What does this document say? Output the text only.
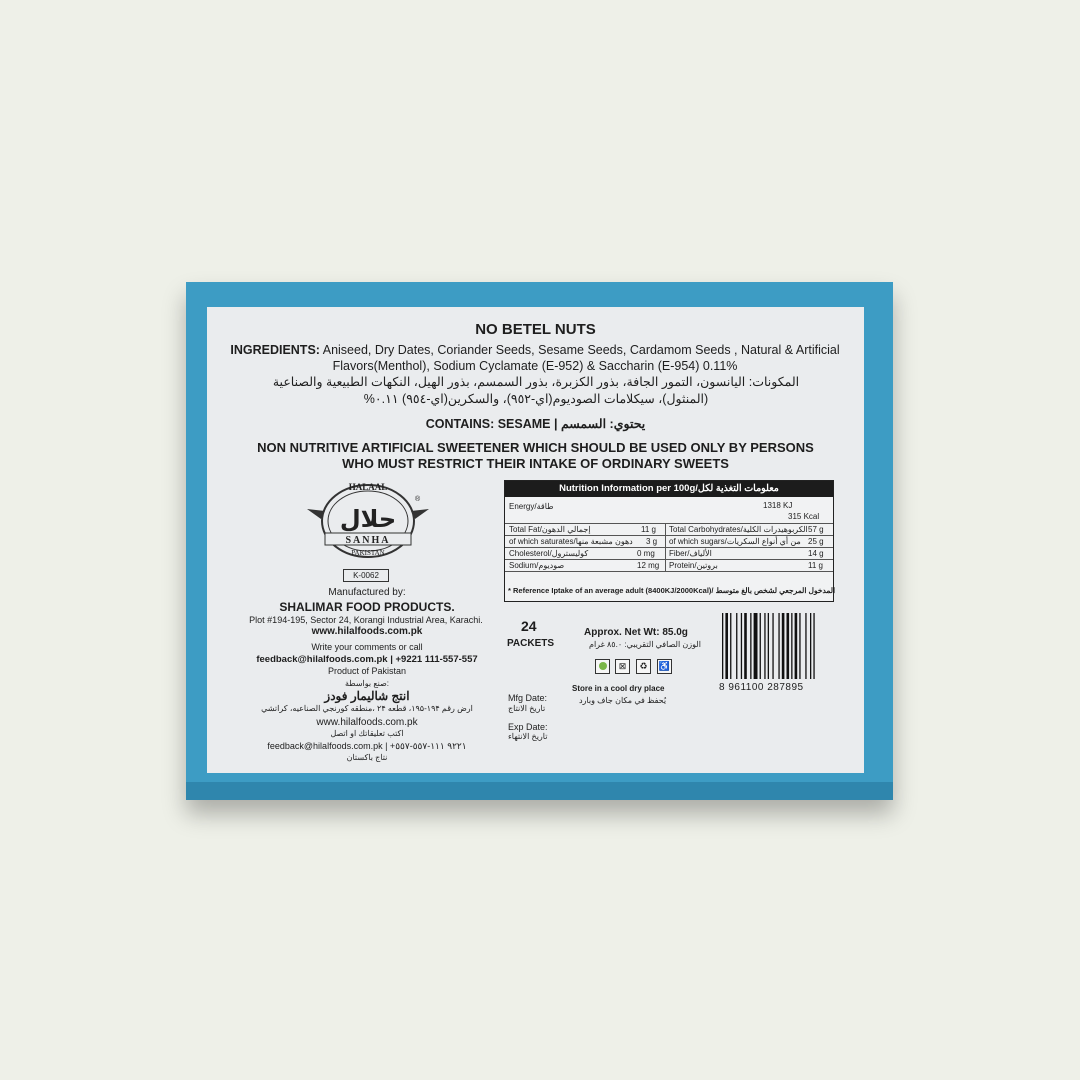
NO BETEL NUTS
INGREDIENTS: Aniseed, Dry Dates, Coriander Seeds, Sesame Seeds, Cardamom Seeds , Natural & Artificial Flavors(Menthol), Sodium Cyclamate (E-952) & Saccharin (E-954) 0.11%
المكونات: اليانسون، التمور الجافة، بذور الكزبرة، بذور السمسم، بذور الهيل، النكهات الطبيعية والصناعية (المنثول)، سيكلامات الصوديوم(اي-٩٥٢)، والسكرين(اي-٩٥٤) ٠.١١%
CONTAINS: SESAME | يحتوي: السمسم
NON NUTRITIVE ARTIFICIAL SWEETENER WHICH SHOULD BE USED ONLY BY PERSONS WHO MUST RESTRICT THEIR INTAKE OF ORDINARY SWEETS
HALAAL
حلال
SANHA
PAKISTAN
®
K-0062
Manufactured by:
SHALIMAR FOOD PRODUCTS.
Plot #194-195, Sector 24, Korangi Industrial Area, Karachi.
www.hilalfoods.com.pk
Write your comments or call
feedback@hilalfoods.com.pk | +9221 111-557-557
Product of Pakistan
صنع بواسطة:
انتج شالیمار فودز
ارض رقم ۱۹۴-۱۹۵، قطعه ۲۴ ،منطقه كورنجي الصناعيه، كراتشي
www.hilalfoods.com.pk
اكتب تعليقاتك او اتصل
feedback@hilalfoods.com.pk | +٩٢٢١ ١١١-٥٥٧-٥٥٧
نتاج باكستان
Nutrition Information per 100g/معلومات التغذية لكل
Energy/طاقة	1318 KJ
315 Kcal
Total Fat/إجمالي الدهون	11 g
of which saturates/دهون مشبعة منها 3 g
Cholesterol/كوليسترول	0 mg
Sodium/صوديوم	12 mg
Total Carbohydrates/الكربوهيدرات الكلية 57 g
of which sugars/من أي أنواع السكريات 25 g
Fiber/الألياف	14 g
Protein/بروتين	11 g
* Reference Iptake of an average adult (8400KJ/2000Kcal)/ المدخول المرجعي لشخص بالغ متوسط
24
PACKETS
Approx. Net Wt: 85.0g
الوزن الصافي التقريبي: ٨٥.٠ غرام
⊠	♻	♿
Store in a cool dry place
يُحفظ في مكان جاف وبارد
Mfg Date:
تاريخ الانتاج
Exp Date:
تاريخ الانتهاء
8 961100 287895
